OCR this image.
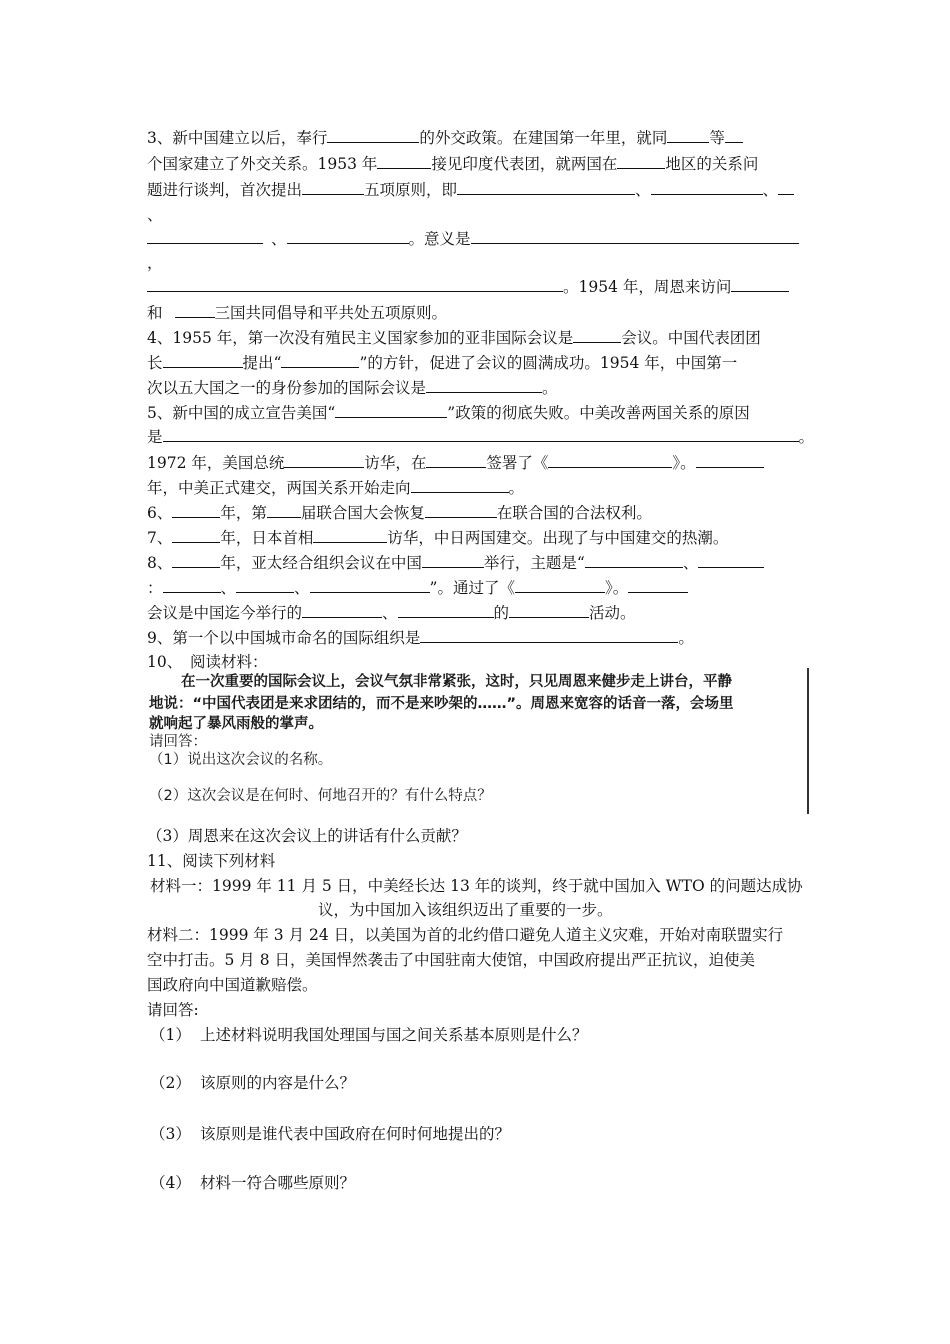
3、新中国建立以后，奉行	的外交政策。在建国第一年里，就同	等
个国家建立了外交关系。1953 年	接见印度代表团，就两国在	地区的关系问
题进行谈判，首次提出	五项原则，即	、	、
、
、	。意义是
，
。1954 年，周恩来访问
和	三国共同倡导和平共处五项原则。
4、1955 年，第一次没有殖民主义国家参加的亚非国际会议是	会议。中国代表团团
长	提出“	”的方针，促进了会议的圆满成功。1954 年，中国第一
次以五大国之一的身份参加的国际会议是	。
5、新中国的成立宣告美国“	”政策的彻底失败。中美改善两国关系的原因
是	。
1972 年，美国总统	访华，在	签署了《	》。
年，中美正式建交，两国关系开始走向	。
6、	年，第 届联合国大会恢复	在联合国的合法权利。
7、	年，日本首相	访华，中日两国建交。出现了与中国建交的热潮。
8、	年，亚太经合组织会议在中国	举行，主题是“	、
：	、	、	”。通过了《	》。
会议是中国迄今举行的	、	的	活动。
9、第一个以中国城市命名的国际组织是	。
10、　阅读材料：
在一次重要的国际会议上，会议气氛非常紧张，这时，只见周恩来健步走上讲台，平静
地说：“中国代表团是来求团结的，而不是来吵架的……”。周恩来宽容的话音一落，会场里
就响起了暴风雨般的掌声。
请回答：
（1）说出这次会议的名称。
（2）这次会议是在何时、何地召开的？有什么特点？
（3）周恩来在这次会议上的讲话有什么贡献？
11、阅读下列材料
材料一：1999 年 11 月 5 日，中美经长达 13 年的谈判，终于就中国加入 WTO 的问题达成协
议，为中国加入该组织迈出了重要的一步。
材料二：1999 年 3 月 24 日，以美国为首的北约借口避免人道主义灾难，开始对南联盟实行
空中打击。5 月 8 日，美国悍然袭击了中国驻南大使馆，中国政府提出严正抗议，迫使美
国政府向中国道歉赔偿。
请回答:
（1） 上述材料说明我国处理国与国之间关系基本原则是什么？
（2） 该原则的内容是什么？
（3） 该原则是谁代表中国政府在何时何地提出的？
（4） 材料一符合哪些原则？
